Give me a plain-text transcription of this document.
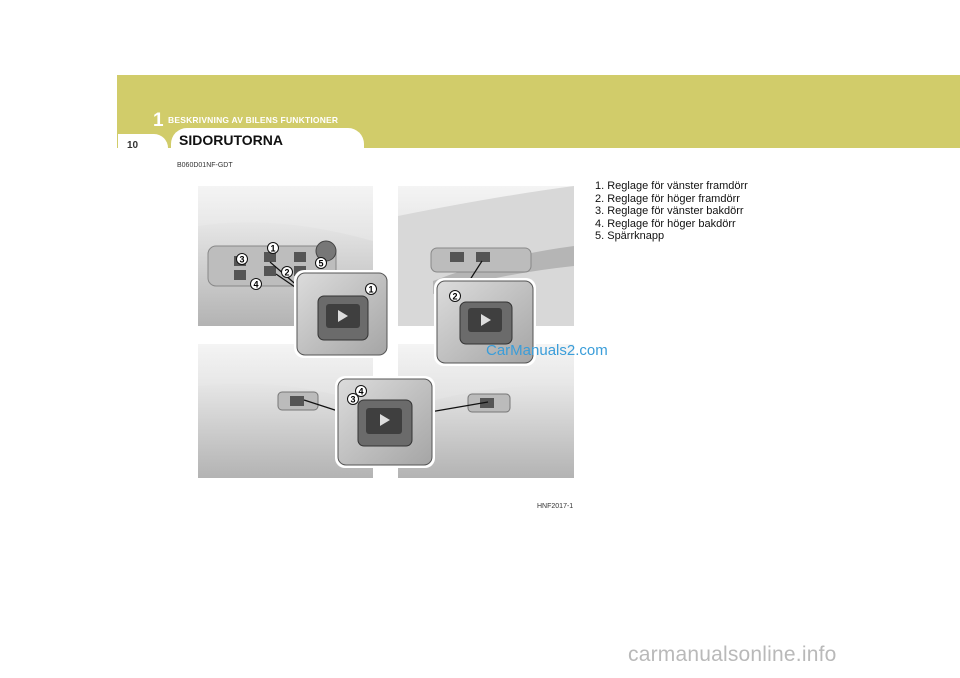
1 BESKRIVNING AV BILENS FUNKTIONER
10	SIDORUTORNA
B060D01NF-GDT
1
1
2
2
3
3
4
4
5
CarManuals2.com
HNF2017-1
1. Reglage för vänster framdörr
2. Reglage för höger framdörr
3. Reglage för vänster bakdörr
4. Reglage för höger bakdörr
5. Spärrknapp
carmanualsonline.info
